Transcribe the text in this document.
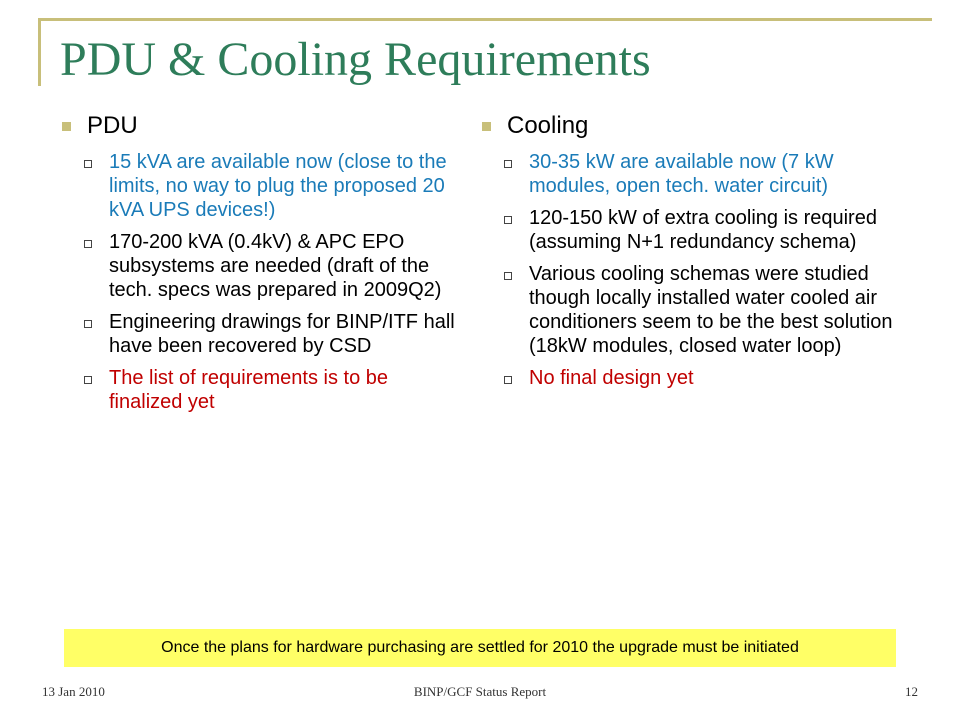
PDU & Cooling Requirements
PDU
15 kVA are available now (close to the limits, no way to plug the proposed 20 kVA UPS devices!)
170-200 kVA (0.4kV) & APC EPO subsystems are needed (draft of the tech. specs was prepared in 2009Q2)
Engineering drawings for BINP/ITF hall have been recovered by CSD
The list of requirements is to be finalized yet
Cooling
30-35 kW are available now (7 kW modules, open tech. water circuit)
120-150 kW of extra cooling is required (assuming N+1 redundancy schema)
Various cooling schemas were studied though locally installed water cooled air conditioners seem to be the best solution (18kW modules, closed water loop)
No final design yet
Once the plans for hardware purchasing are settled for 2010 the upgrade must be initiated
13 Jan 2010	BINP/GCF Status Report	12
